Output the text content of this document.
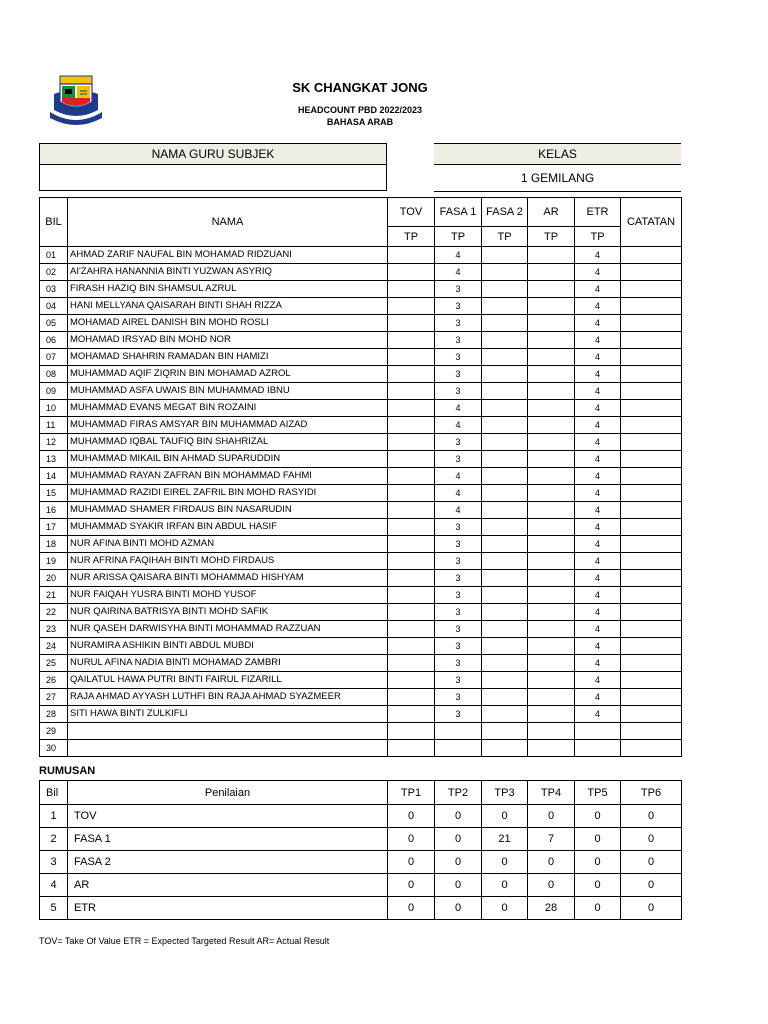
SK CHANGKAT JONG
HEADCOUNT PBD 2022/2023
BAHASA ARAB
NAMA GURU SUBJEK	KELAS
1 GEMILANG
BIL	NAMA	TOV	FASA 1	FASA 2	AR	ETR	CATATAN
		TP	TP	TP	TP	TP	
01	AHMAD ZARIF NAUFAL BIN MOHAMAD RIDZUANI		4			4	
02	AI'ZAHRA HANANNIA BINTI YUZWAN ASYRIQ		4			4	
03	FIRASH HAZIQ BIN SHAMSUL AZRUL		3			4	
04	HANI MELLYANA QAISARAH BINTI SHAH RIZZA		3			4	
05	MOHAMAD AIREL DANISH BIN MOHD ROSLI		3			4	
06	MOHAMAD IRSYAD BIN MOHD NOR		3			4	
07	MOHAMAD SHAHRIN RAMADAN BIN HAMIZI		3			4	
08	MUHAMMAD AQIF ZIQRIN BIN MOHAMAD AZROL		3			4	
09	MUHAMMAD ASFA UWAIS BIN MUHAMMAD IBNU		3			4	
10	MUHAMMAD EVANS MEGAT BIN ROZAINI		4			4	
11	MUHAMMAD FIRAS AMSYAR BIN MUHAMMAD AIZAD		4			4	
12	MUHAMMAD IQBAL TAUFIQ BIN SHAHRIZAL		3			4	
13	MUHAMMAD MIKAIL BIN AHMAD SUPARUDDIN		3			4	
14	MUHAMMAD RAYAN ZAFRAN BIN MOHAMMAD FAHMI		4			4	
15	MUHAMMAD RAZIDI EIREL ZAFRIL BIN MOHD RASYIDI		4			4	
16	MUHAMMAD SHAMER FIRDAUS BIN NASARUDIN		4			4	
17	MUHAMMAD SYAKIR IRFAN BIN ABDUL HASIF		3			4	
18	NUR AFINA BINTI MOHD AZMAN		3			4	
19	NUR AFRINA FAQIHAH BINTI MOHD FIRDAUS		3			4	
20	NUR ARISSA QAISARA BINTI MOHAMMAD HISHYAM		3			4	
21	NUR FAIQAH YUSRA BINTI MOHD YUSOF		3			4	
22	NUR QAIRINA BATRISYA BINTI MOHD SAFIK		3			4	
23	NUR QASEH DARWISYHA BINTI MOHAMMAD RAZZUAN		3			4	
24	NURAMIRA ASHIKIN BINTI ABDUL MUBDI		3			4	
25	NURUL AFINA NADIA BINTI MOHAMAD ZAMBRI		3			4	
26	QAILATUL HAWA PUTRI BINTI FAIRUL FIZARILL		3			4	
27	RAJA AHMAD AYYASH LUTHFI BIN RAJA AHMAD SYAZMEER		3			4	
28	SITI HAWA BINTI ZULKIFLI		3			4	
29							
30							
RUMUSAN
Bil	Penilaian	TP1	TP2	TP3	TP4	TP5	TP6
1	TOV	0	0	0	0	0	0
2	FASA 1	0	0	21	7	0	0
3	FASA 2	0	0	0	0	0	0
4	AR	0	0	0	0	0	0
5	ETR	0	0	0	28	0	0
TOV= Take Of Value ETR = Expected Targeted Result AR= Actual Result
